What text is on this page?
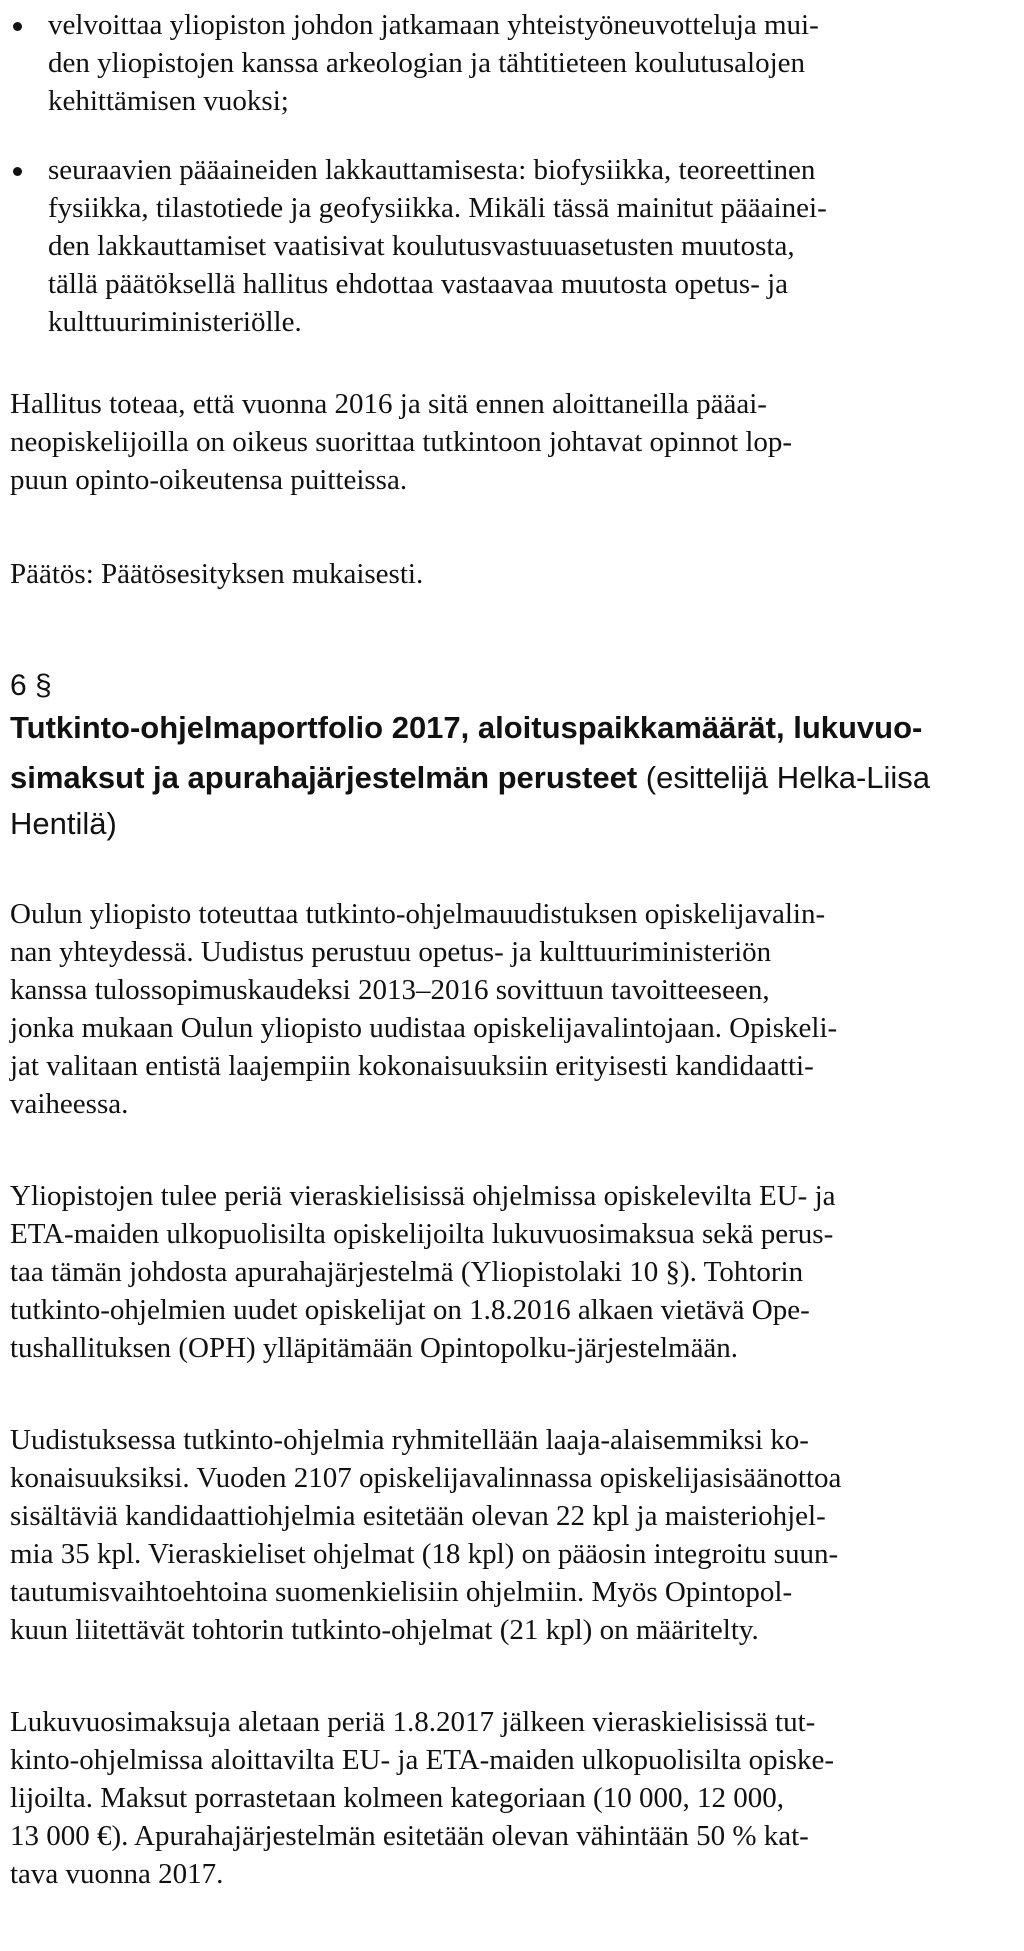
velvoittaa yliopiston johdon jatkamaan yhteistyöneuvotteluja mui-
den yliopistojen kanssa arkeologian ja tähtitieteen koulutusalojen
kehittämisen vuoksi;
seuraavien pääaineiden lakkauttamisesta: biofysiikka, teoreettinen
fysiikka, tilastotiede ja geofysiikka. Mikäli tässä mainitut pääainei-
den lakkauttamiset vaatisivat koulutusvastuuasetusten muutosta,
tällä päätöksellä hallitus ehdottaa vastaavaa muutosta opetus- ja
kulttuuriministeriölle.
Hallitus toteaa, että vuonna 2016 ja sitä ennen aloittaneilla pääai-
neopiskelijoilla on oikeus suorittaa tutkintoon johtavat opinnot lop-
puun opinto-oikeutensa puitteissa.
Päätös: Päätösesityksen mukaisesti.
6 §
Tutkinto-ohjelmaportfolio 2017, aloituspaikkamäärät, lukuvuo-
simaksut ja apurahajärjestelmän perusteet (esittelijä Helka-Liisa
Hentilä)
Oulun yliopisto toteuttaa tutkinto-ohjelmauudistuksen opiskelijavalin-
nan yhteydessä. Uudistus perustuu opetus- ja kulttuuriministeriön
kanssa tulossopimuskaudeksi 2013–2016 sovittuun tavoitteeseen,
jonka mukaan Oulun yliopisto uudistaa opiskelijavalintojaan. Opiskeli-
jat valitaan entistä laajempiin kokonaisuuksiin erityisesti kandidaatti-
vaiheessa.
Yliopistojen tulee periä vieraskielisissä ohjelmissa opiskelevilta EU- ja
ETA-maiden ulkopuolisilta opiskelijoilta lukuvuosimaksua sekä perus-
taa tämän johdosta apurahajärjestelmä (Yliopistolaki 10 §). Tohtorin
tutkinto-ohjelmien uudet opiskelijat on 1.8.2016 alkaen vietävä Ope-
tushallituksen (OPH) ylläpitämään Opintopolku-järjestelmään.
Uudistuksessa tutkinto-ohjelmia ryhmitellään laaja-alaisemmiksi ko-
konaisuuksiksi. Vuoden 2107 opiskelijavalinnassa opiskelijasisäänottoa
sisältäviä kandidaattiohjelmia esitetään olevan 22 kpl ja maisteriohjel-
mia 35 kpl. Vieraskieliset ohjelmat (18 kpl) on pääosin integroitu suun-
tautumisvaihtoehtoina suomenkielisiin ohjelmiin. Myös Opintopol-
kuun liitettävät tohtorin tutkinto-ohjelmat (21 kpl) on määritelty.
Lukuvuosimaksuja aletaan periä 1.8.2017 jälkeen vieraskielisissä tut-
kinto-ohjelmissa aloittavilta EU- ja ETA-maiden ulkopuolisilta opiske-
lijoilta. Maksut porrastetaan kolmeen kategoriaan (10 000, 12 000,
13 000 €). Apurahajärjestelmän esitetään olevan vähintään 50 % kat-
tava vuonna 2017.
